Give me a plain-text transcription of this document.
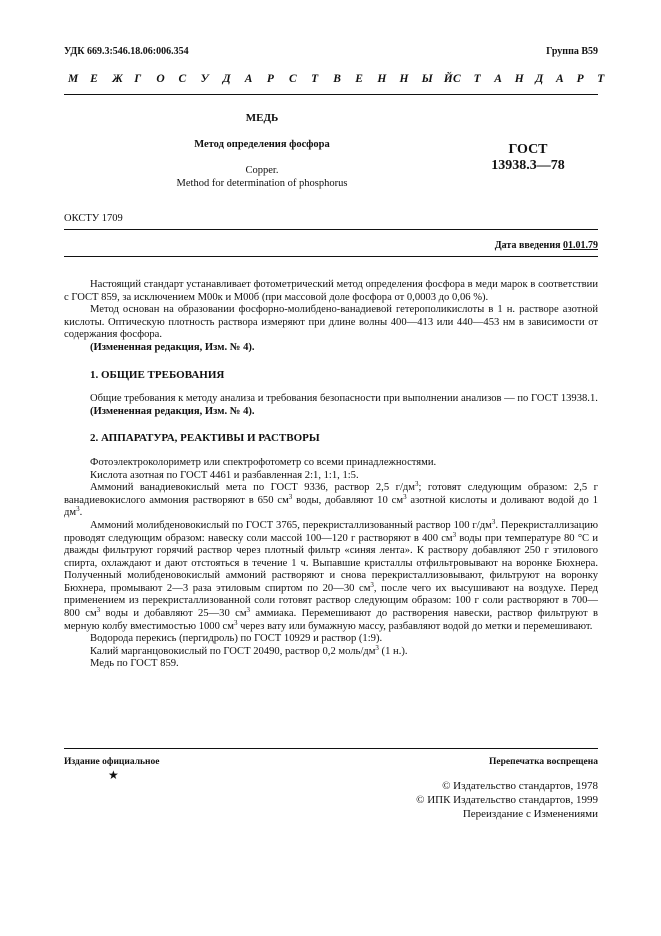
УДК 669.3:546.18.06:006.354	Группа В59
М Е Ж Г О С У Д А Р С Т В Е Н Н Ы Й С Т А Н Д А Р Т
МЕДЬ
Метод определения фосфора
Copper.
Method for determination of phosphorus
ГОСТ
13938.3—78
ОКСТУ 1709
Дата введения 01.01.79

Настоящий стандарт устанавливает фотометрический метод определения фосфора в меди марок в соответствии с ГОСТ 859, за исключением М00к и М00б (при массовой доле фосфора от 0,0003 до 0,06 %).

Метод основан на образовании фосфорно-молибдено-ванадиевой гетерополикислоты в 1 н. растворе азотной кислоты. Оптическую плотность раствора измеряют при длине волны 400—413 или 440—453 нм в зависимости от содержания фосфора.

(Измененная редакция, Изм. № 4).

1. ОБЩИЕ ТРЕБОВАНИЯ

Общие требования к методу анализа и требования безопасности при выполнении анализов — по ГОСТ 13938.1.

(Измененная редакция, Изм. № 4).

2. АППАРАТУРА, РЕАКТИВЫ И РАСТВОРЫ

Фотоэлектроколориметр или спектрофотометр со всеми принадлежностями.

Кислота азотная по ГОСТ 4461 и разбавленная 2:1, 1:1, 1:5.

Аммоний ванадиевокислый мета по ГОСТ 9336, раствор 2,5 $г/дм^3$; готовят следующим образом: 2,5 г ванадиевокислого аммония растворяют в 650 $см^3$ воды, добавляют 10 $см^3$ азотной кислоты и доливают водой до 1 $дм^3$.

Аммоний молибденовокислый по ГОСТ 3765, перекристаллизованный раствор 100 $г/дм^3$. Перекристаллизацию проводят следующим образом: навеску соли массой 100—120 г растворяют в 400 $см^3$ воды при температуре 80 °С и дважды фильтруют горячий раствор через плотный фильтр «синяя лента». К раствору добавляют 250 г этилового спирта, охлаждают и дают отстояться в течение 1 ч. Выпавшие кристаллы отфильтровывают на воронке Бюхнера. Полученный молибденовокислый аммоний растворяют и снова перекристаллизовывают, фильтруют на воронку Бюхнера, промывают 2—3 раза этиловым спиртом по 20—30 $см^3$, после чего их высушивают на воздухе. Перед применением из перекристаллизованной соли готовят раствор следующим образом: 100 г соли растворяют в 700—800 $см^3$ воды и добавляют 25—30 $см^3$ аммиака. Перемешивают до растворения навески, раствор фильтруют в мерную колбу вместимостью 1000 $см^3$ через вату или бумажную массу, разбавляют водой до метки и перемешивают.

Водорода перекись (пергидроль) по ГОСТ 10929 и раствор (1:9).

Калий марганцовокислый по ГОСТ 20490, раствор 0,2 моль/$дм^3$ (1 н.).

Медь по ГОСТ 859.

Издание официальное	Перепечатка воспрещена
★
© Издательство стандартов, 1978
© ИПК Издательство стандартов, 1999
Переиздание с Изменениями
